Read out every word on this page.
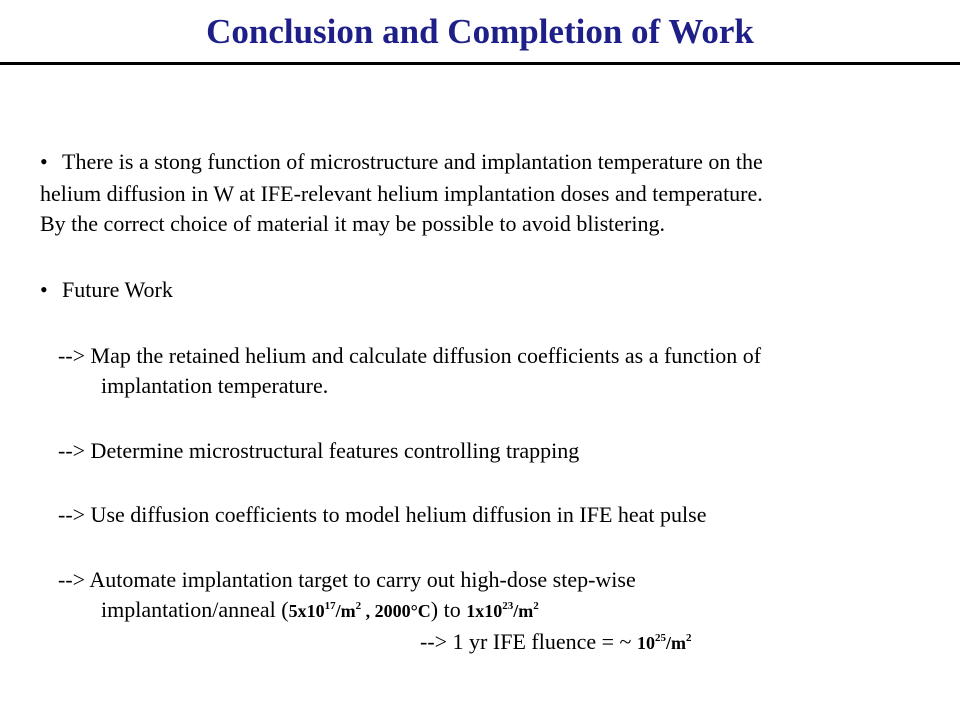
Conclusion and Completion of Work
• There is a stong function of microstructure and implantation temperature on the
helium diffusion in W at IFE-relevant helium implantation doses and temperature.
By the correct choice of material it may be possible to avoid blistering.
• Future Work
--> Map the retained helium and calculate diffusion coefficients as a function of
implantation temperature.
--> Determine microstructural features controlling trapping
--> Use diffusion coefficients to model helium diffusion in IFE heat pulse
--> Automate implantation target to carry out high-dose step-wise
implantation/anneal ($5x10^{17}/m^2$ , 2000°C) to $1x10^{23}/m^2$
--> 1 yr IFE fluence = ~ $10^{25}/m^2$
